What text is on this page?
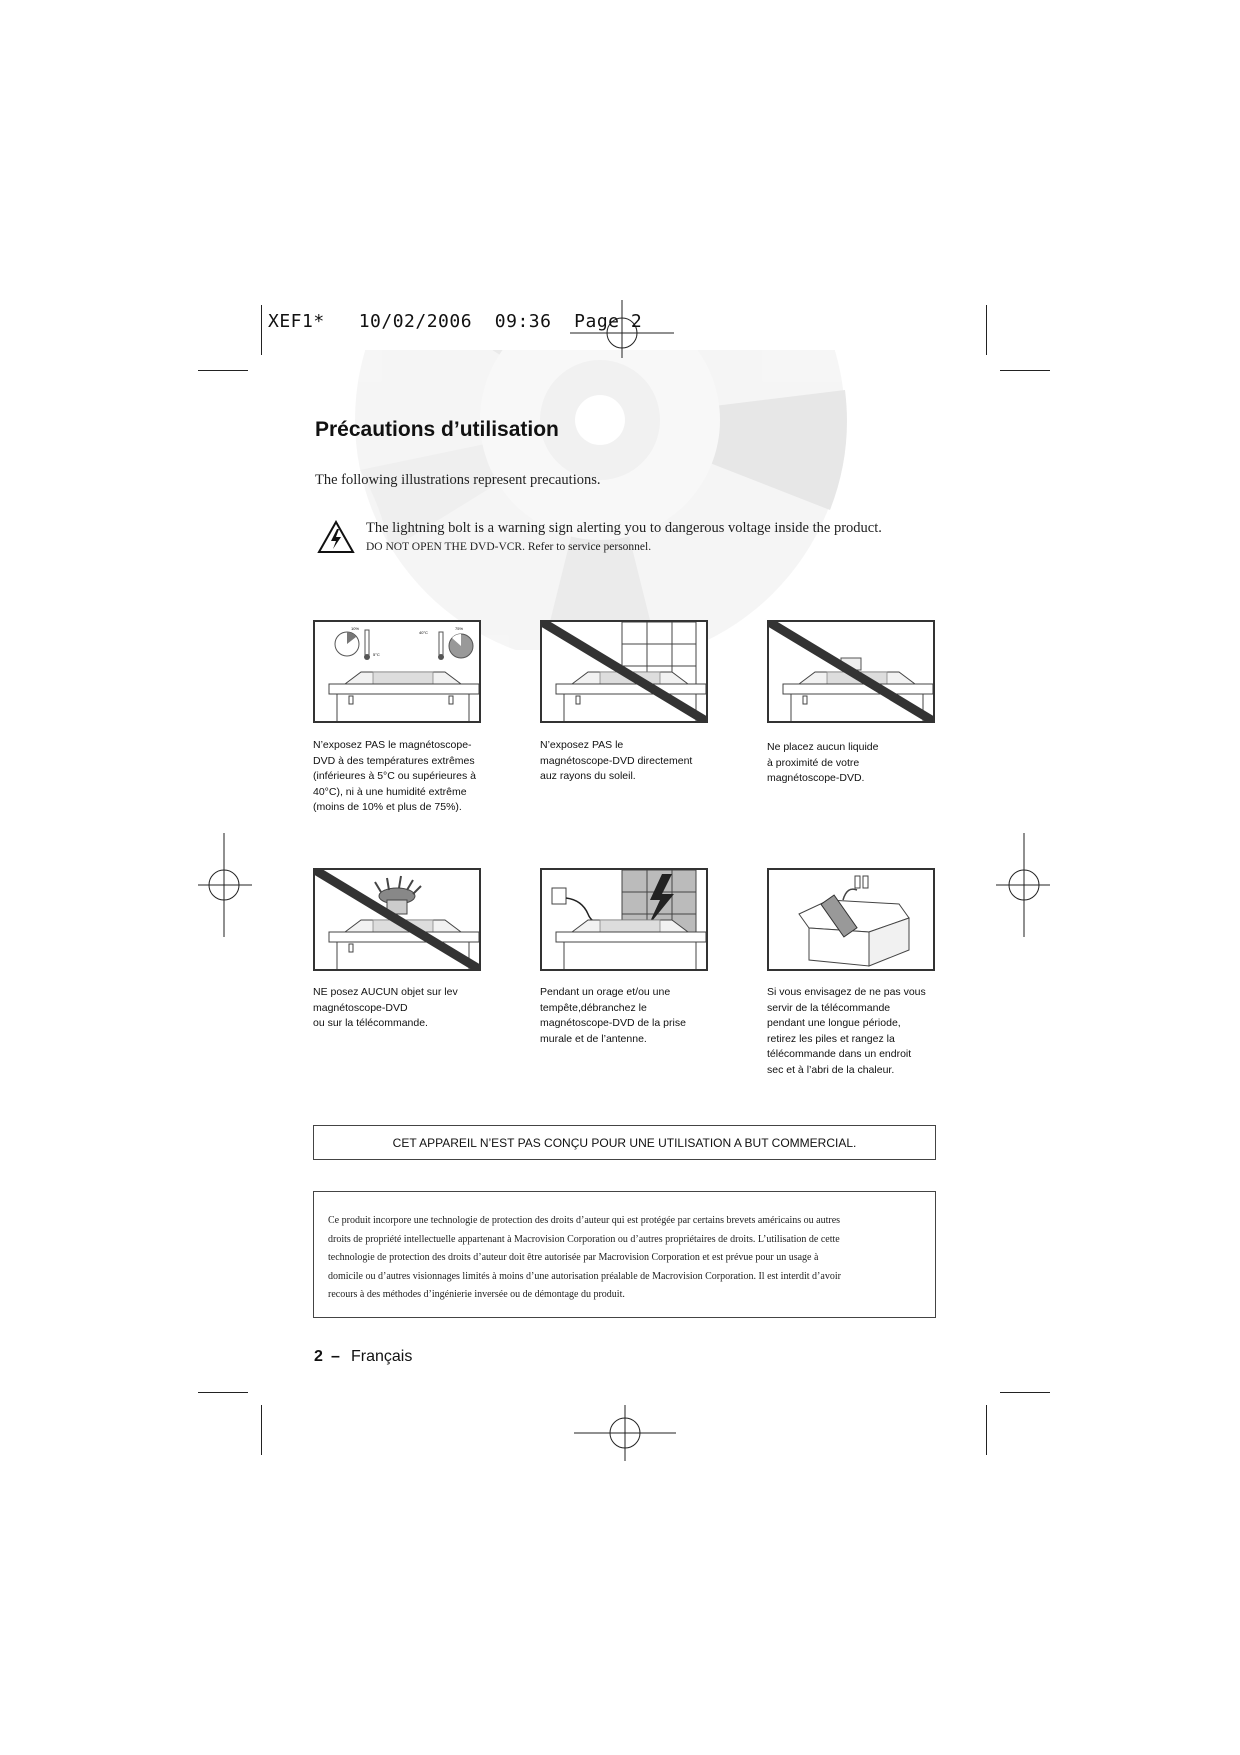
XEF1* 10/02/2006 09:36 Page 2
Précautions d’utilisation
The following illustrations represent precautions.
The lightning bolt is a warning sign alerting you to dangerous voltage inside the product.
DO NOT OPEN THE DVD-VCR. Refer to service personnel.
10%
5°C
40°C
75%
N’exposez PAS le magnétoscope-
DVD à des températures extrêmes
(inférieures à 5°C ou supérieures à
40°C), ni à une humidité extrême
(moins de 10% et plus de 75%).
N’exposez PAS le
magnétoscope-DVD directement
auz rayons du soleil.
Ne placez aucun liquide
à proximité de votre
magnétoscope-DVD.
NE posez AUCUN objet sur lev
magnétoscope-DVD
ou sur la télécommande.
Pendant un orage et/ou une
tempête,débranchez le
magnétoscope-DVD de la prise
murale et de l’antenne.
Si vous envisagez de ne pas vous
servir de la télécommande
pendant une longue période,
retirez les piles et rangez la
télécommande dans un endroit
sec et à l’abri de la chaleur.
CET APPAREIL N’EST PAS CONÇU POUR UNE UTILISATION A BUT COMMERCIAL.
Ce produit incorpore une technologie de protection des droits d’auteur qui est protégée par certains brevets américains ou autres
droits de propriété intellectuelle appartenant à Macrovision Corporation ou d’autres propriétaires de droits. L’utilisation de cette
technologie de protection des droits d’auteur doit être autorisée par Macrovision Corporation et est prévue pour un usage à
domicile ou d’autres visionnages limités à moins d’une autorisation préalable de Macrovision Corporation. Il est interdit d’avoir
recours à des méthodes d’ingénierie inversée ou de démontage du produit.
2 – Français
